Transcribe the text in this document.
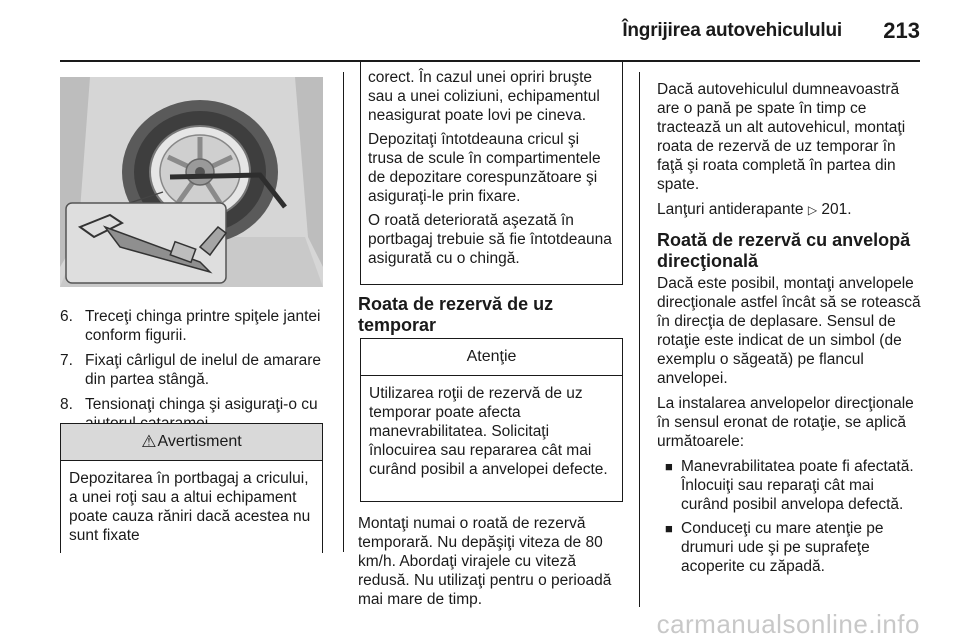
Îngrijirea autovehiculului 213
6. Treceţi chinga printre spiţele jantei conform figurii.
7. Fixaţi cârligul de inelul de amarare din partea stângă.
8. Tensionaţi chinga şi asiguraţi-o cu
⚠ Avertisment

Depozitarea în portbagaj a cricului, a unei roţi sau a altui echipament poate cauza răniri dacă acestea nu sunt fixate

corect. În cazul unei opriri bruşte sau a unei coliziuni, echipamentul neasigurat poate lovi pe cineva.

Depozitaţi întotdeauna cricul şi trusa de scule în compartimentele de depozitare corespunzătoare şi asiguraţi-le prin fixare.

O roată deteriorată aşezată în portbagaj trebuie să fie întotdeauna asigurată cu o chingă.

Roata de rezervă de uz temporar
Atenţie

Utilizarea roţii de rezervă de uz temporar poate afecta manevrabilitatea. Solicitaţi înlocuirea sau repararea cât mai curând posibil a anvelopei defecte.

Montaţi numai o roată de rezervă temporară. Nu depăşiţi viteza de 80 km/h. Abordaţi virajele cu viteză redusă. Nu utilizaţi pentru o perioadă mai mare de timp.

Dacă autovehiculul dumneavoastră are o pană pe spate în timp ce tractează un alt autovehicul, montaţi roata de rezervă de uz temporar în faţă şi roata completă în partea din spate.

Lanţuri antiderapante ▷ 201.

Roată de rezervă cu anvelopă direcţională

Dacă este posibil, montaţi anvelopele direcţionale astfel încât să se rotească în direcţia de deplasare. Sensul de rotaţie este indicat de un simbol (de exemplu o săgeată) pe flancul anvelopei.

La instalarea anvelopelor direcţionale în sensul eronat de rotaţie, se aplică următoarele:

■ Manevrabilitatea poate fi afectată. Înlocuiţi sau reparaţi cât mai curând posibil anvelopa defectă.
■ Conduceţi cu mare atenţie pe drumuri ude şi pe suprafeţe acoperite cu zăpadă.
carmanualsonline.info
